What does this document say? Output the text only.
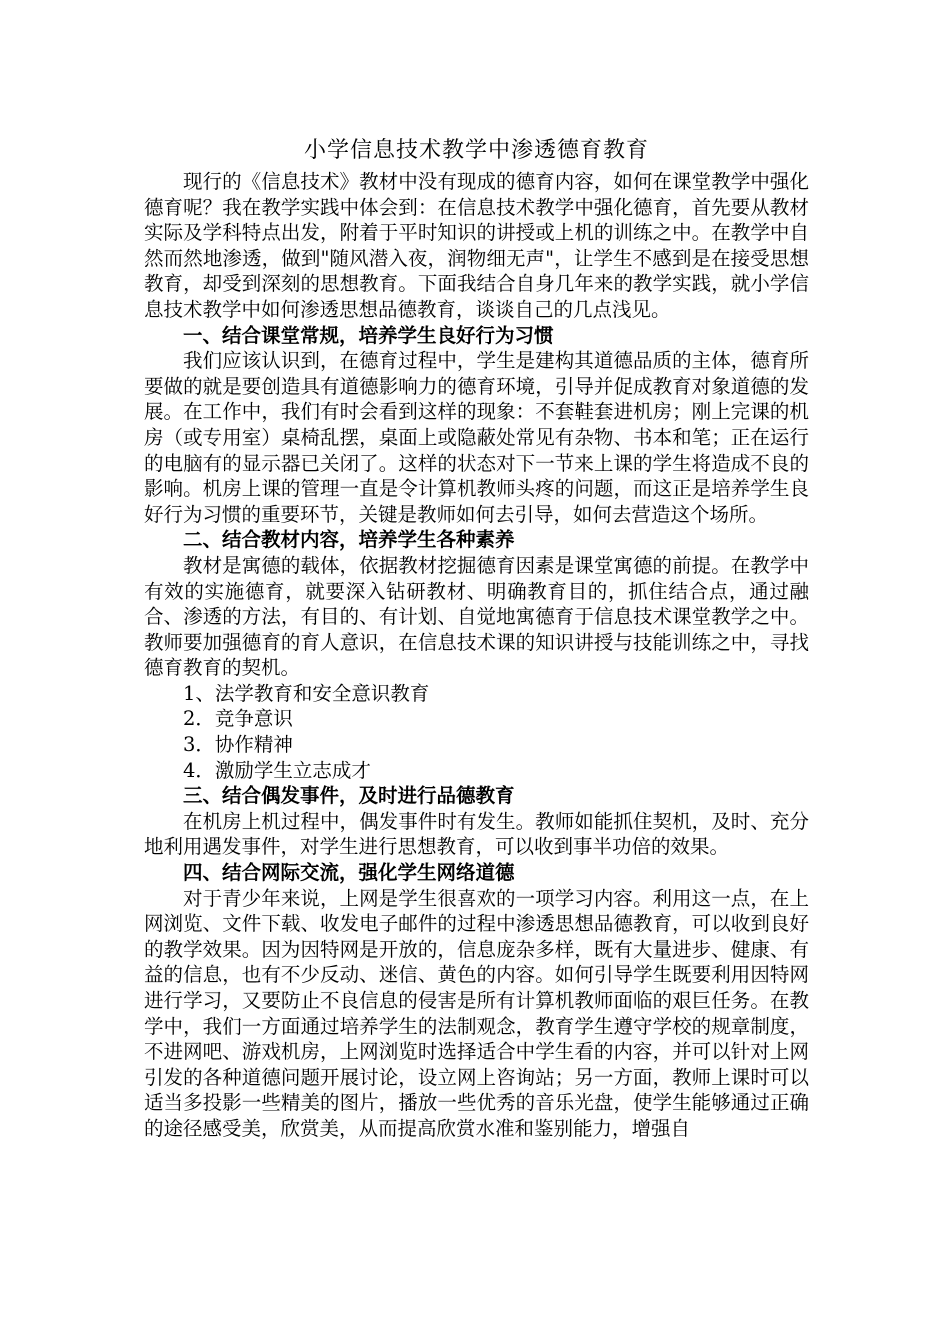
小学信息技术教学中渗透德育教育

现行的《信息技术》教材中没有现成的德育内容，如何在课堂教学中强化德育呢？我在教学实践中体会到：在信息技术教学中强化德育，首先要从教材实际及学科特点出发，附着于平时知识的讲授或上机的训练之中。在教学中自然而然地渗透，做到"随风潜入夜，润物细无声"，让学生不感到是在接受思想教育，却受到深刻的思想教育。下面我结合自身几年来的教学实践，就小学信息技术教学中如何渗透思想品德教育，谈谈自己的几点浅见。

一、结合课堂常规，培养学生良好行为习惯

我们应该认识到，在德育过程中，学生是建构其道德品质的主体，德育所要做的就是要创造具有道德影响力的德育环境，引导并促成教育对象道德的发展。在工作中，我们有时会看到这样的现象：不套鞋套进机房；刚上完课的机房（或专用室）桌椅乱摆，桌面上或隐蔽处常见有杂物、书本和笔；正在运行的电脑有的显示器已关闭了。这样的状态对下一节来上课的学生将造成不良的影响。机房上课的管理一直是令计算机教师头疼的问题，而这正是培养学生良好行为习惯的重要环节，关键是教师如何去引导，如何去营造这个场所。

二、结合教材内容，培养学生各种素养

教材是寓德的载体，依据教材挖掘德育因素是课堂寓德的前提。在教学中有效的实施德育，就要深入钻研教材、明确教育目的，抓住结合点，通过融合、渗透的方法，有目的、有计划、自觉地寓德育于信息技术课堂教学之中。教师要加强德育的育人意识，在信息技术课的知识讲授与技能训练之中，寻找德育教育的契机。

1、法学教育和安全意识教育

2．竞争意识

3．协作精神

4．激励学生立志成才

三、结合偶发事件，及时进行品德教育

在机房上机过程中，偶发事件时有发生。教师如能抓住契机，及时、充分地利用遇发事件，对学生进行思想教育，可以收到事半功倍的效果。

四、结合网际交流，强化学生网络道德

对于青少年来说，上网是学生很喜欢的一项学习内容。利用这一点，在上网浏览、文件下载、收发电子邮件的过程中渗透思想品德教育，可以收到良好的教学效果。因为因特网是开放的，信息庞杂多样，既有大量进步、健康、有益的信息，也有不少反动、迷信、黄色的内容。如何引导学生既要利用因特网进行学习，又要防止不良信息的侵害是所有计算机教师面临的艰巨任务。在教学中，我们一方面通过培养学生的法制观念，教育学生遵守学校的规章制度，不进网吧、游戏机房，上网浏览时选择适合中学生看的内容，并可以针对上网引发的各种道德问题开展讨论，设立网上咨询站；另一方面，教师上课时可以适当多投影一些精美的图片，播放一些优秀的音乐光盘，使学生能够通过正确的途径感受美，欣赏美，从而提高欣赏水准和鉴别能力，增强自
